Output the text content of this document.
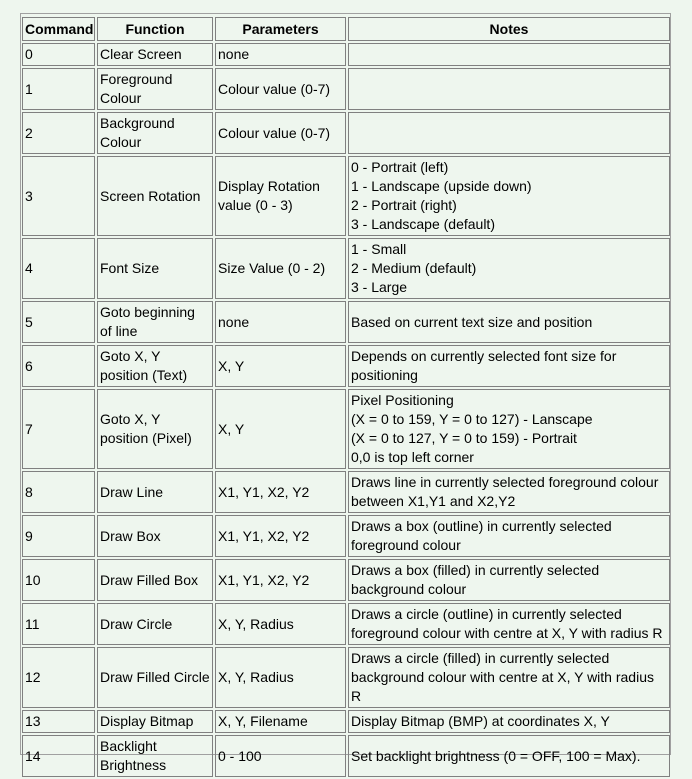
Command	Function	Parameters	Notes
0	Clear Screen	none	

1	Foreground Colour	Colour value (0-7)	

2	Background Colour	Colour value (0-7)	

3	Screen Rotation	Display Rotation value (0 - 3)	0 - Portrait (left)
1 - Landscape (upside down)
2 - Portrait (right)
3 - Landscape (default)

4	Font Size	Size Value (0 - 2)	1 - Small
2 - Medium (default)
3 - Large

5	Goto beginning of line	none	Based on current text size and position

6	Goto X, Y position (Text)	X, Y	Depends on currently selected font size for positioning

7	Goto X, Y position (Pixel)	X, Y	Pixel Positioning
(X = 0 to 159, Y = 0 to 127) - Lanscape
(X = 0 to 127, Y = 0 to 159) - Portrait
0,0 is top left corner

8	Draw Line	X1, Y1, X2, Y2	Draws line in currently selected foreground colour between X1,Y1 and X2,Y2

9	Draw Box	X1, Y1, X2, Y2	Draws a box (outline) in currently selected foreground colour

10	Draw Filled Box	X1, Y1, X2, Y2	Draws a box (filled) in currently selected background colour

11	Draw Circle	X, Y, Radius	Draws a circle (outline) in currently selected foreground colour with centre at X, Y with radius R

12	Draw Filled Circle	X, Y, Radius	Draws a circle (filled) in currently selected background colour with centre at X, Y with radius R

13	Display Bitmap	X, Y, Filename	Display Bitmap (BMP) at coordinates X, Y

14	Backlight Brightness	0 - 100	Set backlight brightness (0 = OFF, 100 = Max).
